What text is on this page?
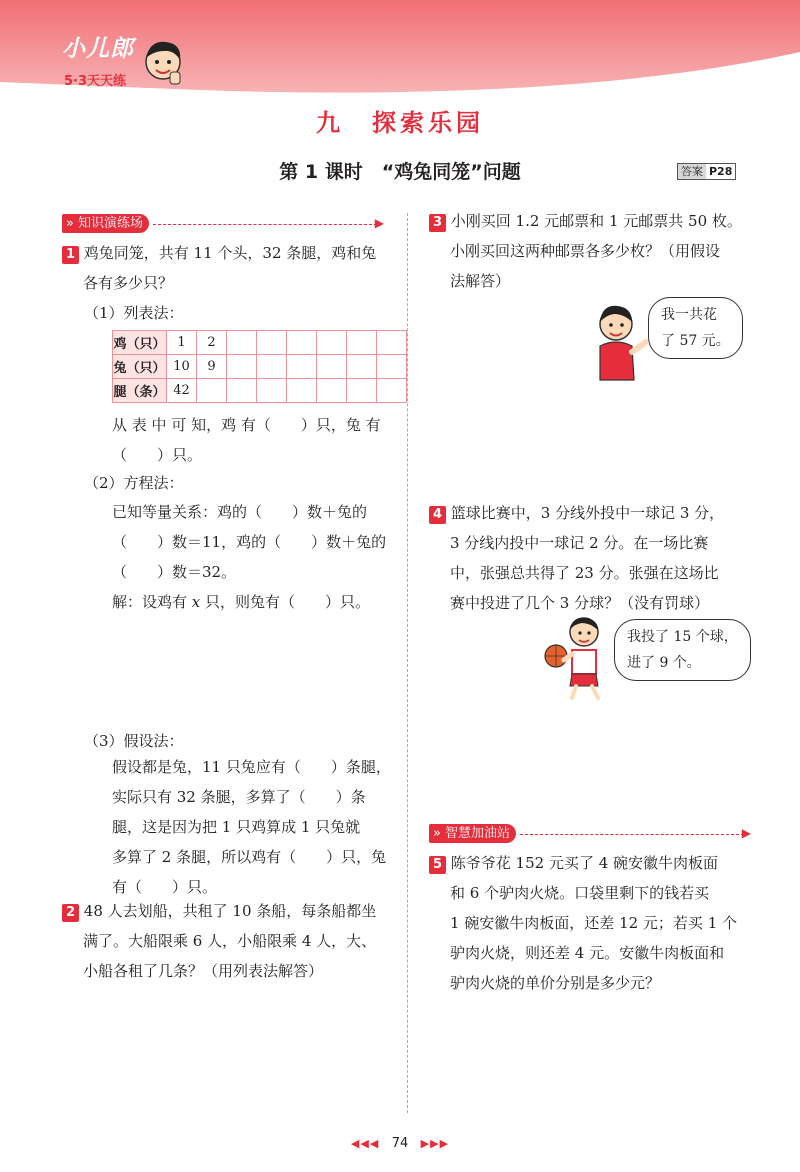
小儿郎
5·3天天练
九　探索乐园
第 1 课时　“鸡兔同笼”问题	答案 P28
» 知识演练场	▶
1 鸡兔同笼，共有 11 个头，32 条腿，鸡和兔
各有多少只？
（1）列表法：
鸡（只）	1	2						
兔（只）	10	9						
腿（条）	42							
从 表 中 可 知，鸡 有（　　）只，兔 有
（　　）只。
（2）方程法：
已知等量关系：鸡的（　　）数＋兔的
（　　）数＝11，鸡的（　　）数＋兔的
（　　）数＝32。
解：设鸡有 𝑥 只，则兔有（　　）只。
（3）假设法：
假设都是兔，11 只兔应有（　　）条腿，
实际只有 32 条腿，多算了（　　）条
腿，这是因为把 1 只鸡算成 1 只兔就
多算了 2 条腿，所以鸡有（　　）只，兔
有（　　）只。
2 48 人去划船，共租了 10 条船，每条船都坐
满了。大船限乘 6 人，小船限乘 4 人，大、
小船各租了几条？（用列表法解答）
3 小刚买回 1.2 元邮票和 1 元邮票共 50 枚。
小刚买回这两种邮票各多少枚？（用假设
法解答）
我一共花
了 57 元。
4 篮球比赛中，3 分线外投中一球记 3 分，
3 分线内投中一球记 2 分。在一场比赛
中，张强总共得了 23 分。张强在这场比
赛中投进了几个 3 分球？（没有罚球）
我投了 15 个球，
进了 9 个。
» 智慧加油站	▶
5 陈爷爷花 152 元买了 4 碗安徽牛肉板面
和 6 个驴肉火烧。口袋里剩下的钱若买
1 碗安徽牛肉板面，还差 12 元；若买 1 个
驴肉火烧，则还差 4 元。安徽牛肉板面和
驴肉火烧的单价分别是多少元？
◀◀◀ 74 ▶▶▶
